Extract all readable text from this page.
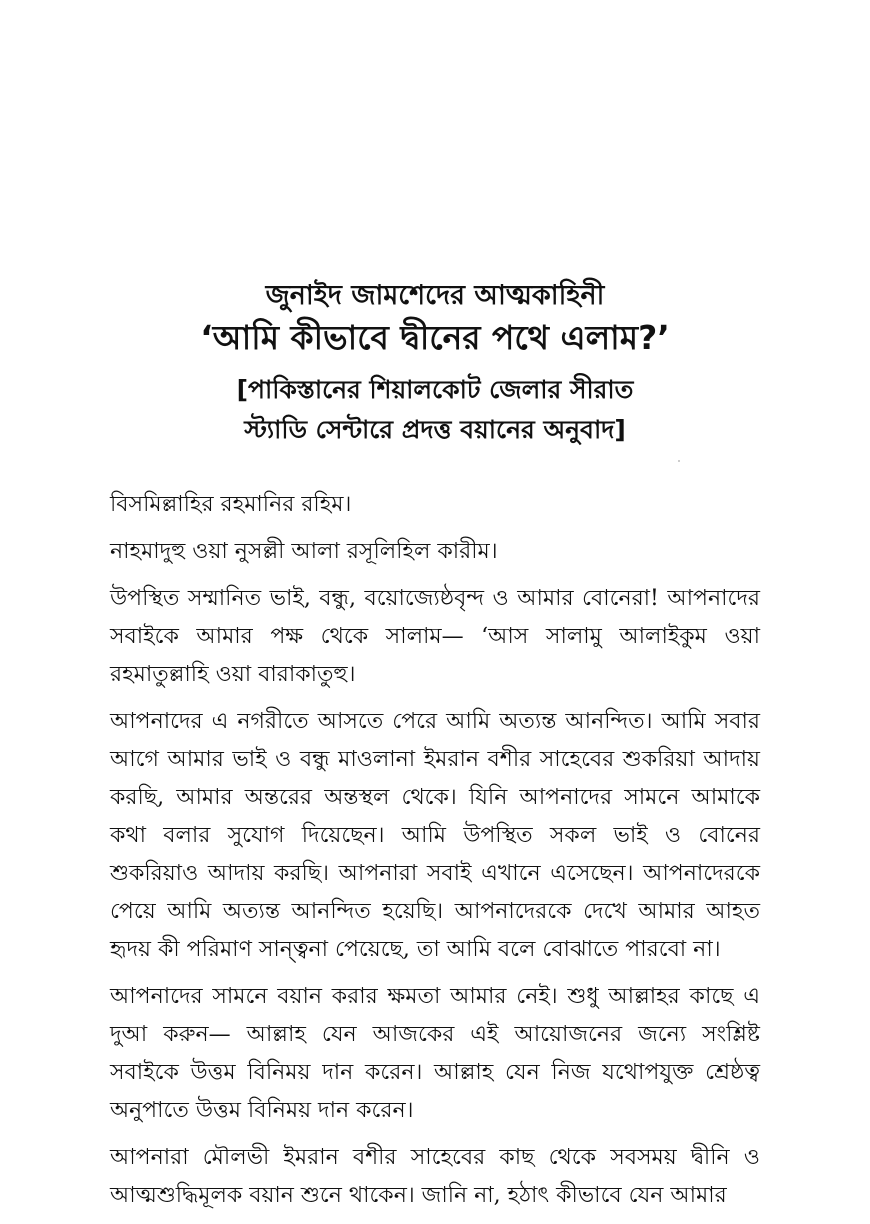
জুনাইদ জামশেদের আত্মকাহিনী

‘আমি কীভাবে দ্বীনের পথে এলাম?’

[পাকিস্তানের শিয়ালকোট জেলার সীরাত
স্ট্যাডি সেন্টারে প্রদত্ত বয়ানের অনুবাদ]

বিসমিল্লাহির রহমানির রহিম।

নাহমাদুহু ওয়া নুসল্লী আলা রসূলিহিল কারীম।

উপস্থিত সম্মানিত ভাই, বন্ধু, বয়োজ্যেষ্ঠবৃন্দ ও আমার বোনেরা! আপনাদের সবাইকে আমার পক্ষ থেকে সালাম— ‘আস সালামু আলাইকুম ওয়া রহমাতুল্লাহি ওয়া বারাকাতুহু।

আপনাদের এ নগরীতে আসতে পেরে আমি অত্যন্ত আনন্দিত। আমি সবার আগে আমার ভাই ও বন্ধু মাওলানা ইমরান বশীর সাহেবের শুকরিয়া আদায় করছি, আমার অন্তরের অন্তস্থল থেকে। যিনি আপনাদের সামনে আমাকে কথা বলার সুযোগ দিয়েছেন। আমি উপস্থিত সকল ভাই ও বোনের শুকরিয়াও আদায় করছি। আপনারা সবাই এখানে এসেছেন। আপনাদেরকে পেয়ে আমি অত্যন্ত আনন্দিত হয়েছি। আপনাদেরকে দেখে আমার আহত হৃদয় কী পরিমাণ সান্ত্বনা পেয়েছে, তা আমি বলে বোঝাতে পারবো না।

আপনাদের সামনে বয়ান করার ক্ষমতা আমার নেই। শুধু আল্লাহর কাছে এ দুআ করুন— আল্লাহ যেন আজকের এই আয়োজনের জন্যে সংশ্লিষ্ট সবাইকে উত্তম বিনিময় দান করেন। আল্লাহ যেন নিজ যথোপযুক্ত শ্রেষ্ঠত্ব অনুপাতে উত্তম বিনিময় দান করেন।

আপনারা মৌলভী ইমরান বশীর সাহেবের কাছ থেকে সবসময় দ্বীনি ও আত্মশুদ্ধিমূলক বয়ান শুনে থাকেন। জানি না, হঠাৎ কীভাবে যেন আমার
